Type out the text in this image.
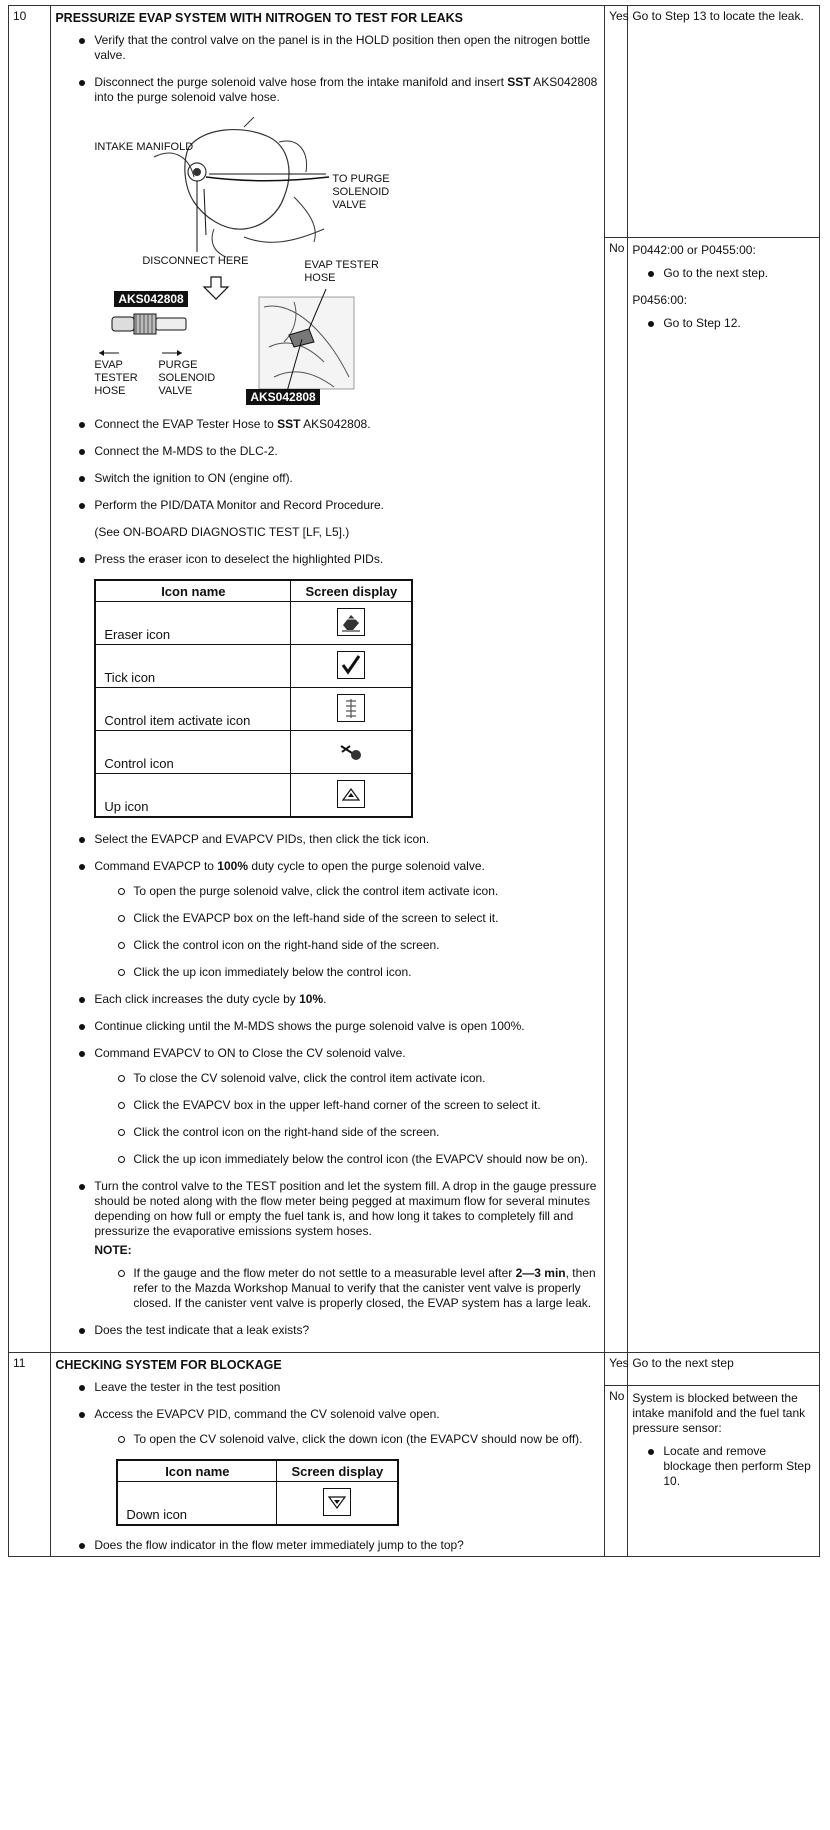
10	PRESSURIZE EVAP SYSTEM WITH NITROGEN TO TEST FOR LEAKS
Verify that the control valve on the panel is in the HOLD position then open the nitrogen bottle valve.
Disconnect the purge solenoid valve hose from the intake manifold and insert SST AKS042808 into the purge solenoid valve hose.
INTAKE MANIFOLD
TO PURGE SOLENOID VALVE
DISCONNECT HERE	EVAP TESTER HOSE
AKS042808
EVAP TESTER HOSE
PURGE SOLENOID VALVE	AKS042808
Connect the EVAP Tester Hose to SST AKS042808.
Connect the M-MDS to the DLC-2.
Switch the ignition to ON (engine off).
Perform the PID/DATA Monitor and Record Procedure.
(See ON-BOARD DIAGNOSTIC TEST [LF, L5].)
Press the eraser icon to deselect the highlighted PIDs.
Icon name	Screen display
Eraser icon	
Tick icon	
Control item activate icon	
Control icon	
Up icon	
Select the EVAPCP and EVAPCV PIDs, then click the tick icon.
Command EVAPCP to 100% duty cycle to open the purge solenoid valve.
To open the purge solenoid valve, click the control item activate icon.
Click the EVAPCP box on the left-hand side of the screen to select it.
Click the control icon on the right-hand side of the screen.
Click the up icon immediately below the control icon.
Each click increases the duty cycle by 10%.
Continue clicking until the M-MDS shows the purge solenoid valve is open 100%.
Command EVAPCV to ON to Close the CV solenoid valve.
To close the CV solenoid valve, click the control item activate icon.
Click the EVAPCV box in the upper left-hand corner of the screen to select it.
Click the control icon on the right-hand side of the screen.
Click the up icon immediately below the control icon (the EVAPCV should now be on).
Turn the control valve to the TEST position and let the system fill. A drop in the gauge pressure should be noted along with the flow meter being pegged at maximum flow for several minutes depending on how full or empty the fuel tank is, and how long it takes to completely fill and pressurize the evaporative emissions system hoses.
NOTE:
If the gauge and the flow meter do not settle to a measurable level after 2—3 min, then refer to the Mazda Workshop Manual to verify that the canister vent valve is properly closed. If the canister vent valve is properly closed, the EVAP system has a large leak.
Does the test indicate that a leak exists?
	Yes	Go to Step 13 to locate the leak.
No	P0442:00 or P0455:00:

Go to the next step.

P0456:00:

Go to Step 12.

11	CHECKING SYSTEM FOR BLOCKAGE
Leave the tester in the test position
Access the EVAPCV PID, command the CV solenoid valve open.
To open the CV solenoid valve, click the down icon (the EVAPCV should now be off).
Icon name	Screen display
Down icon	
Does the flow indicator in the flow meter immediately jump to the top?
	Yes	Go to the next step
No	System is blocked between the intake manifold and the fuel tank pressure sensor:

Locate and remove blockage then perform Step 10.
